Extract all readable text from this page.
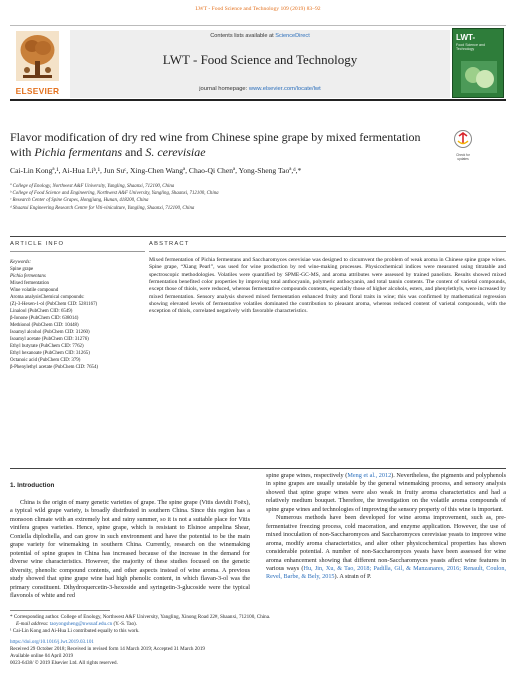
LWT - Food Science and Technology 109 (2019) 83–92
ELSEVIER
Contents lists available at ScienceDirect
LWT - Food Science and Technology
journal homepage: www.elsevier.com/locate/lwt
LWT-
Food Science and Technology
Flavor modification of dry red wine from Chinese spine grape by mixed fermentation with Pichia fermentans and S. cerevisiae	Check for updates
Cai-Lin Kongª,¹, Ai-Hua Liᵇ,¹, Jun Suᶜ, Xing-Chen Wangª, Chao-Qi Chenª, Yong-Sheng Taoª,ᵈ,*
ª College of Enology, Northwest A&F University, Yangling, Shaanxi, 712100, China
ᵇ College of Food Science and Engineering, Northwest A&F University, Yangling, Shaanxi, 712100, China
ᶜ Research Center of Spine Grapes, Hongjiang, Hunan, 418200, China
ᵈ Shaanxi Engineering Research Centre for Viti-viniculture, Yangling, Shaanxi, 712100, China
ARTICLE INFO	ABSTRACT
Keywords:
Spine grape
Pichia fermentans
Mixed fermentation
Wine volatile compound
Aroma analysisChemical compounds:
(Z)-3-Hexen-1-ol (PubChem CID: 5281167)
Linalool (PubChem CID: 6549)
β-Ionone (PubChem CID: 638014)
Methionol (PubChem CID: 10448)
Isoamyl alcohol (PubChem CID: 31260)
Isoamyl acetate (PubChem CID: 31276)
Ethyl butyrate (PubChem CID: 7762)
Ethyl hexanoate (PubChem CID: 31265)
Octanoic acid (PubChem CID: 379)
β-Phenylethyl acetate (PubChem CID: 7654)
Mixed fermentation of Pichia fermentans and Saccharomyces cerevisiae was designed to circumvent the problem of weak aroma in Chinese spine grape wines. Spine grape, “Xiang Pearl”, was used for wine production by red wine-making processes. Physicochemical indices were measured using titratable and spectroscopic methodologies. Volatiles were quantified by SPME-GC-MS, and aroma attributes were assessed by trained panelists. Results showed mixed fermentation benefited color properties by improving total anthocyanin, polymeric anthocyanin, and total tannin contents. The content of varietal compounds, except those of thiols, were reduced, whereas fermentative compounds contents, especially those of higher alcohols, esters, and phenylethyls, were increased by mixed fermentation. Sensory analysis showed mixed fermentation enhanced fruity and floral traits in wine; this was confirmed by mathematical regression showing elevated levels of fermentative volatiles dominated the contribution to pleasant aroma, whereas reduced content of varietal compounds, with the exception of thiols, correlated negatively with favorable characteristics.
1. Introduction

China is the origin of many genetic varieties of grape. The spine grape (Vitis davidii Foëx), a typical wild grape variety, is broadly distributed in southern China. Since this region has a monsoon climate with an extremely hot and rainy summer, so it is not a suitable place for Vitis vinifera grapes varieties. Hence, spine grape, which is resistant to Elsinoe ampelina Shear, Coniella diplodiella, and can grow in such environment and have the potential to be the main grape variety for winemaking in southern China. Currently, research on the winemaking potential of spine grapes in China has increased because of the increase in the demand for diverse wine characteristics. However, the majority of these studies focused on the genetic diversity, phenolic compound contents, and other aspects instead of wine aroma. A previous study showed that spine grape wine had high phenolic content, in which flavan-3-ol was the primary constituent. Dihydroquercetin-3-hexoside and syringetin-3-glucoside were the typical flavonols of white and red

spine grape wines, respectively (Meng et al., 2012). Nevertheless, the pigments and polyphenols in spine grapes are usually unstable by the general winemaking process, and sensory analysis showed that spine grape wines were also weak in fruity aroma characteristics and had a relatively medium bouquet. Therefore, the investigation on the volatile aroma compounds of spine grape wines and technologies of improving the sensory property of this wine is important.

Numerous methods have been developed for wine aroma improvement, such as, pre-fermentative freezing process, cold maceration, and enzyme application. However, the use of mixed inoculation of non-Saccharomyces and Saccharomyces cerevisiae yeasts to improve wine aroma, modify aroma characteristics, and alter other physicochemical properties has shown considerable potential. A number of non-Saccharomyces yeasts have been assessed for wine aroma enhancement showing that different non-Saccharomyces yeasts affect wine features in various ways (Hu, Jin, Xu, & Tao, 2018; Padilla, Gil, & Manzanares, 2016; Renault, Coulon, Revel, Barbe, & Bely, 2015). A strain of P.

* Corresponding author. College of Enology, Northwest A&F University, Yangling, Xinong Road 22#, Shaanxi, 712100, China.
E-mail address: taoyongsheng@nwsuaf.edu.cn (Y.-S. Tao).
¹ Cai-Lin Kong and Ai-Hua Li contributed equally to this work.
https://doi.org/10.1016/j.lwt.2019.03.101
Received 29 October 2018; Received in revised form 14 March 2019; Accepted 31 March 2019
Available online 04 April 2019
0023-6438/ © 2019 Elsevier Ltd. All rights reserved.
